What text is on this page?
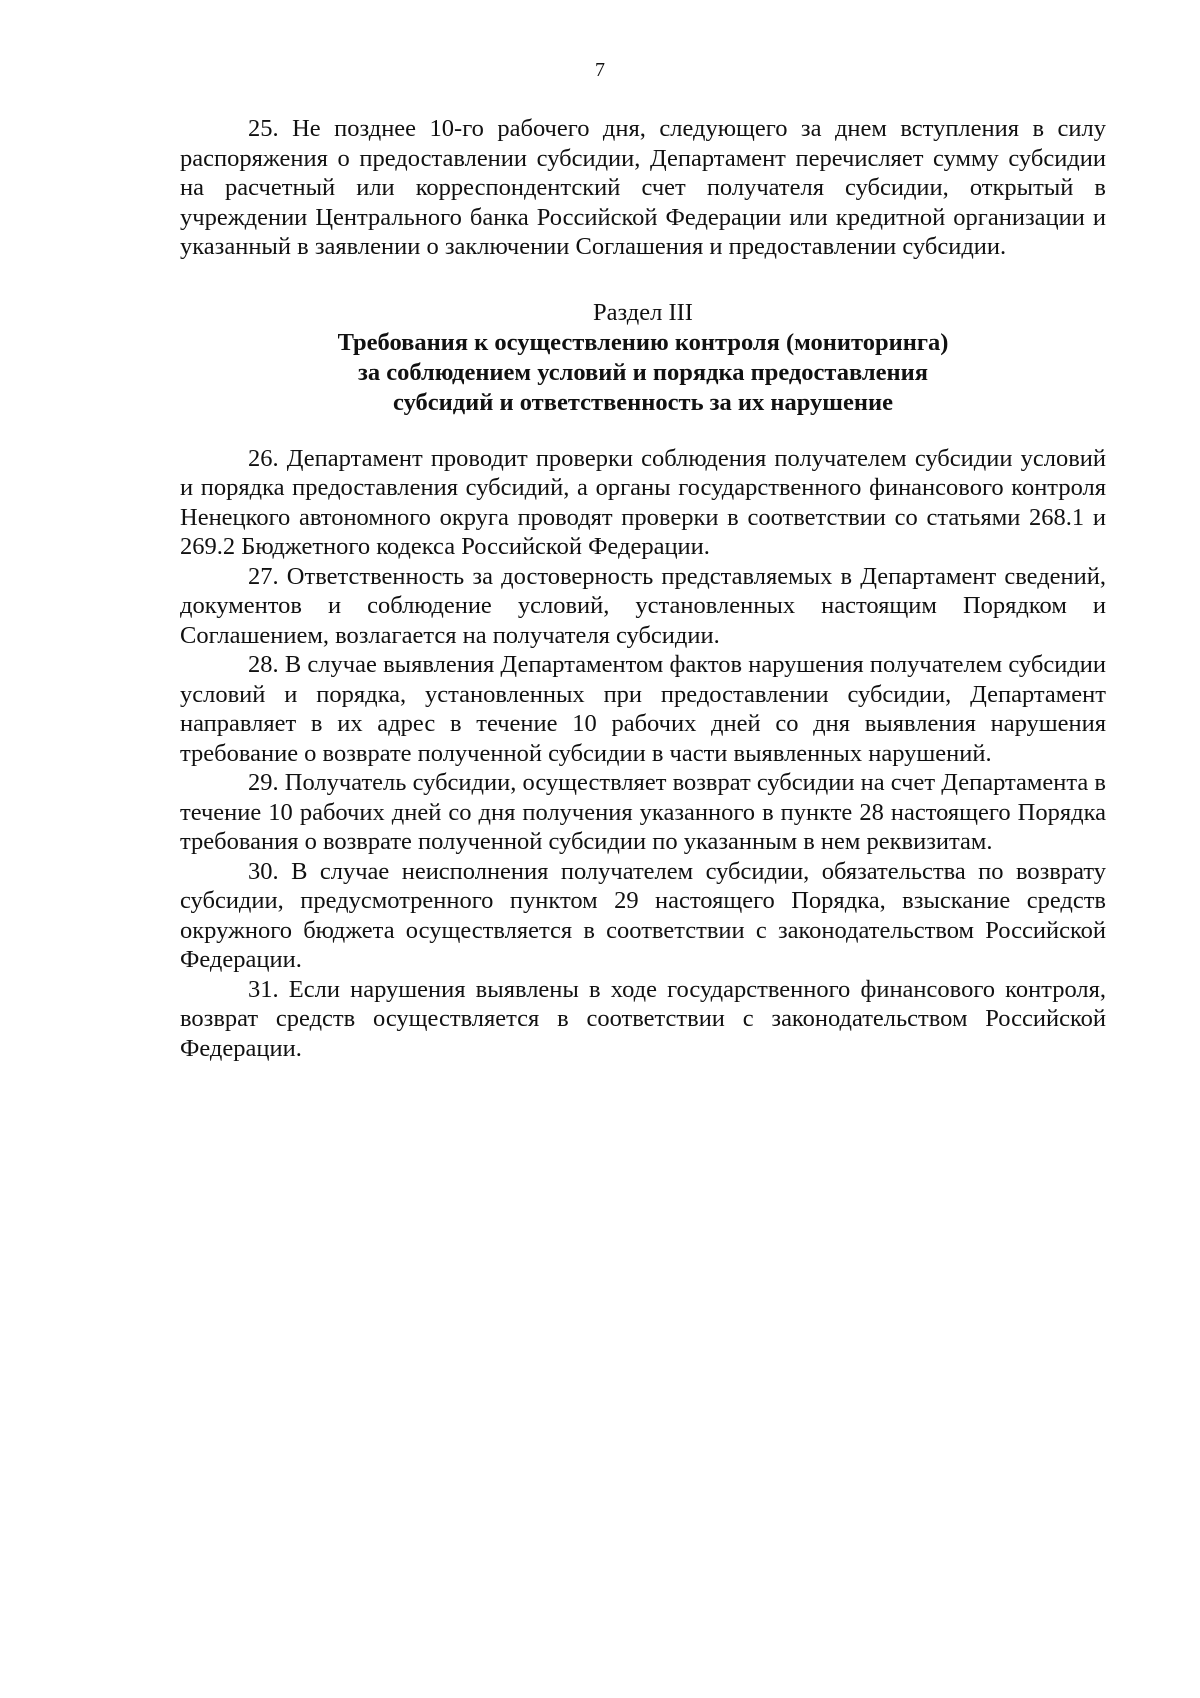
7

25. Не позднее 10-го рабочего дня, следующего за днем вступления в силу распоряжения о предоставлении субсидии, Департамент перечисляет сумму субсидии на расчетный или корреспондентский счет получателя субсидии, открытый в учреждении Центрального банка Российской Федерации или кредитной организации и указанный в заявлении о заключении Соглашения и предоставлении субсидии.

Раздел III
Требования к осуществлению контроля (мониторинга)
за соблюдением условий и порядка предоставления
субсидий и ответственность за их нарушение

26. Департамент проводит проверки соблюдения получателем субсидии условий и порядка предоставления субсидий, а органы государственного финансового контроля Ненецкого автономного округа проводят проверки в соответствии со статьями 268.1 и 269.2 Бюджетного кодекса Российской Федерации.

27. Ответственность за достоверность представляемых в Департамент сведений, документов и соблюдение условий, установленных настоящим Порядком и Соглашением, возлагается на получателя субсидии.

28. В случае выявления Департаментом фактов нарушения получателем субсидии условий и порядка, установленных при предоставлении субсидии, Департамент направляет в их адрес в течение 10 рабочих дней со дня выявления нарушения требование о возврате полученной субсидии в части выявленных нарушений.

29. Получатель субсидии, осуществляет возврат субсидии на счет Департамента в течение 10 рабочих дней со дня получения указанного в пункте 28 настоящего Порядка требования о возврате полученной субсидии по указанным в нем реквизитам.

30. В случае неисполнения получателем субсидии, обязательства по возврату субсидии, предусмотренного пунктом 29 настоящего Порядка, взыскание средств окружного бюджета осуществляется в соответствии с законодательством Российской Федерации.

31. Если нарушения выявлены в ходе государственного финансового контроля, возврат средств осуществляется в соответствии с законодательством Российской Федерации.
